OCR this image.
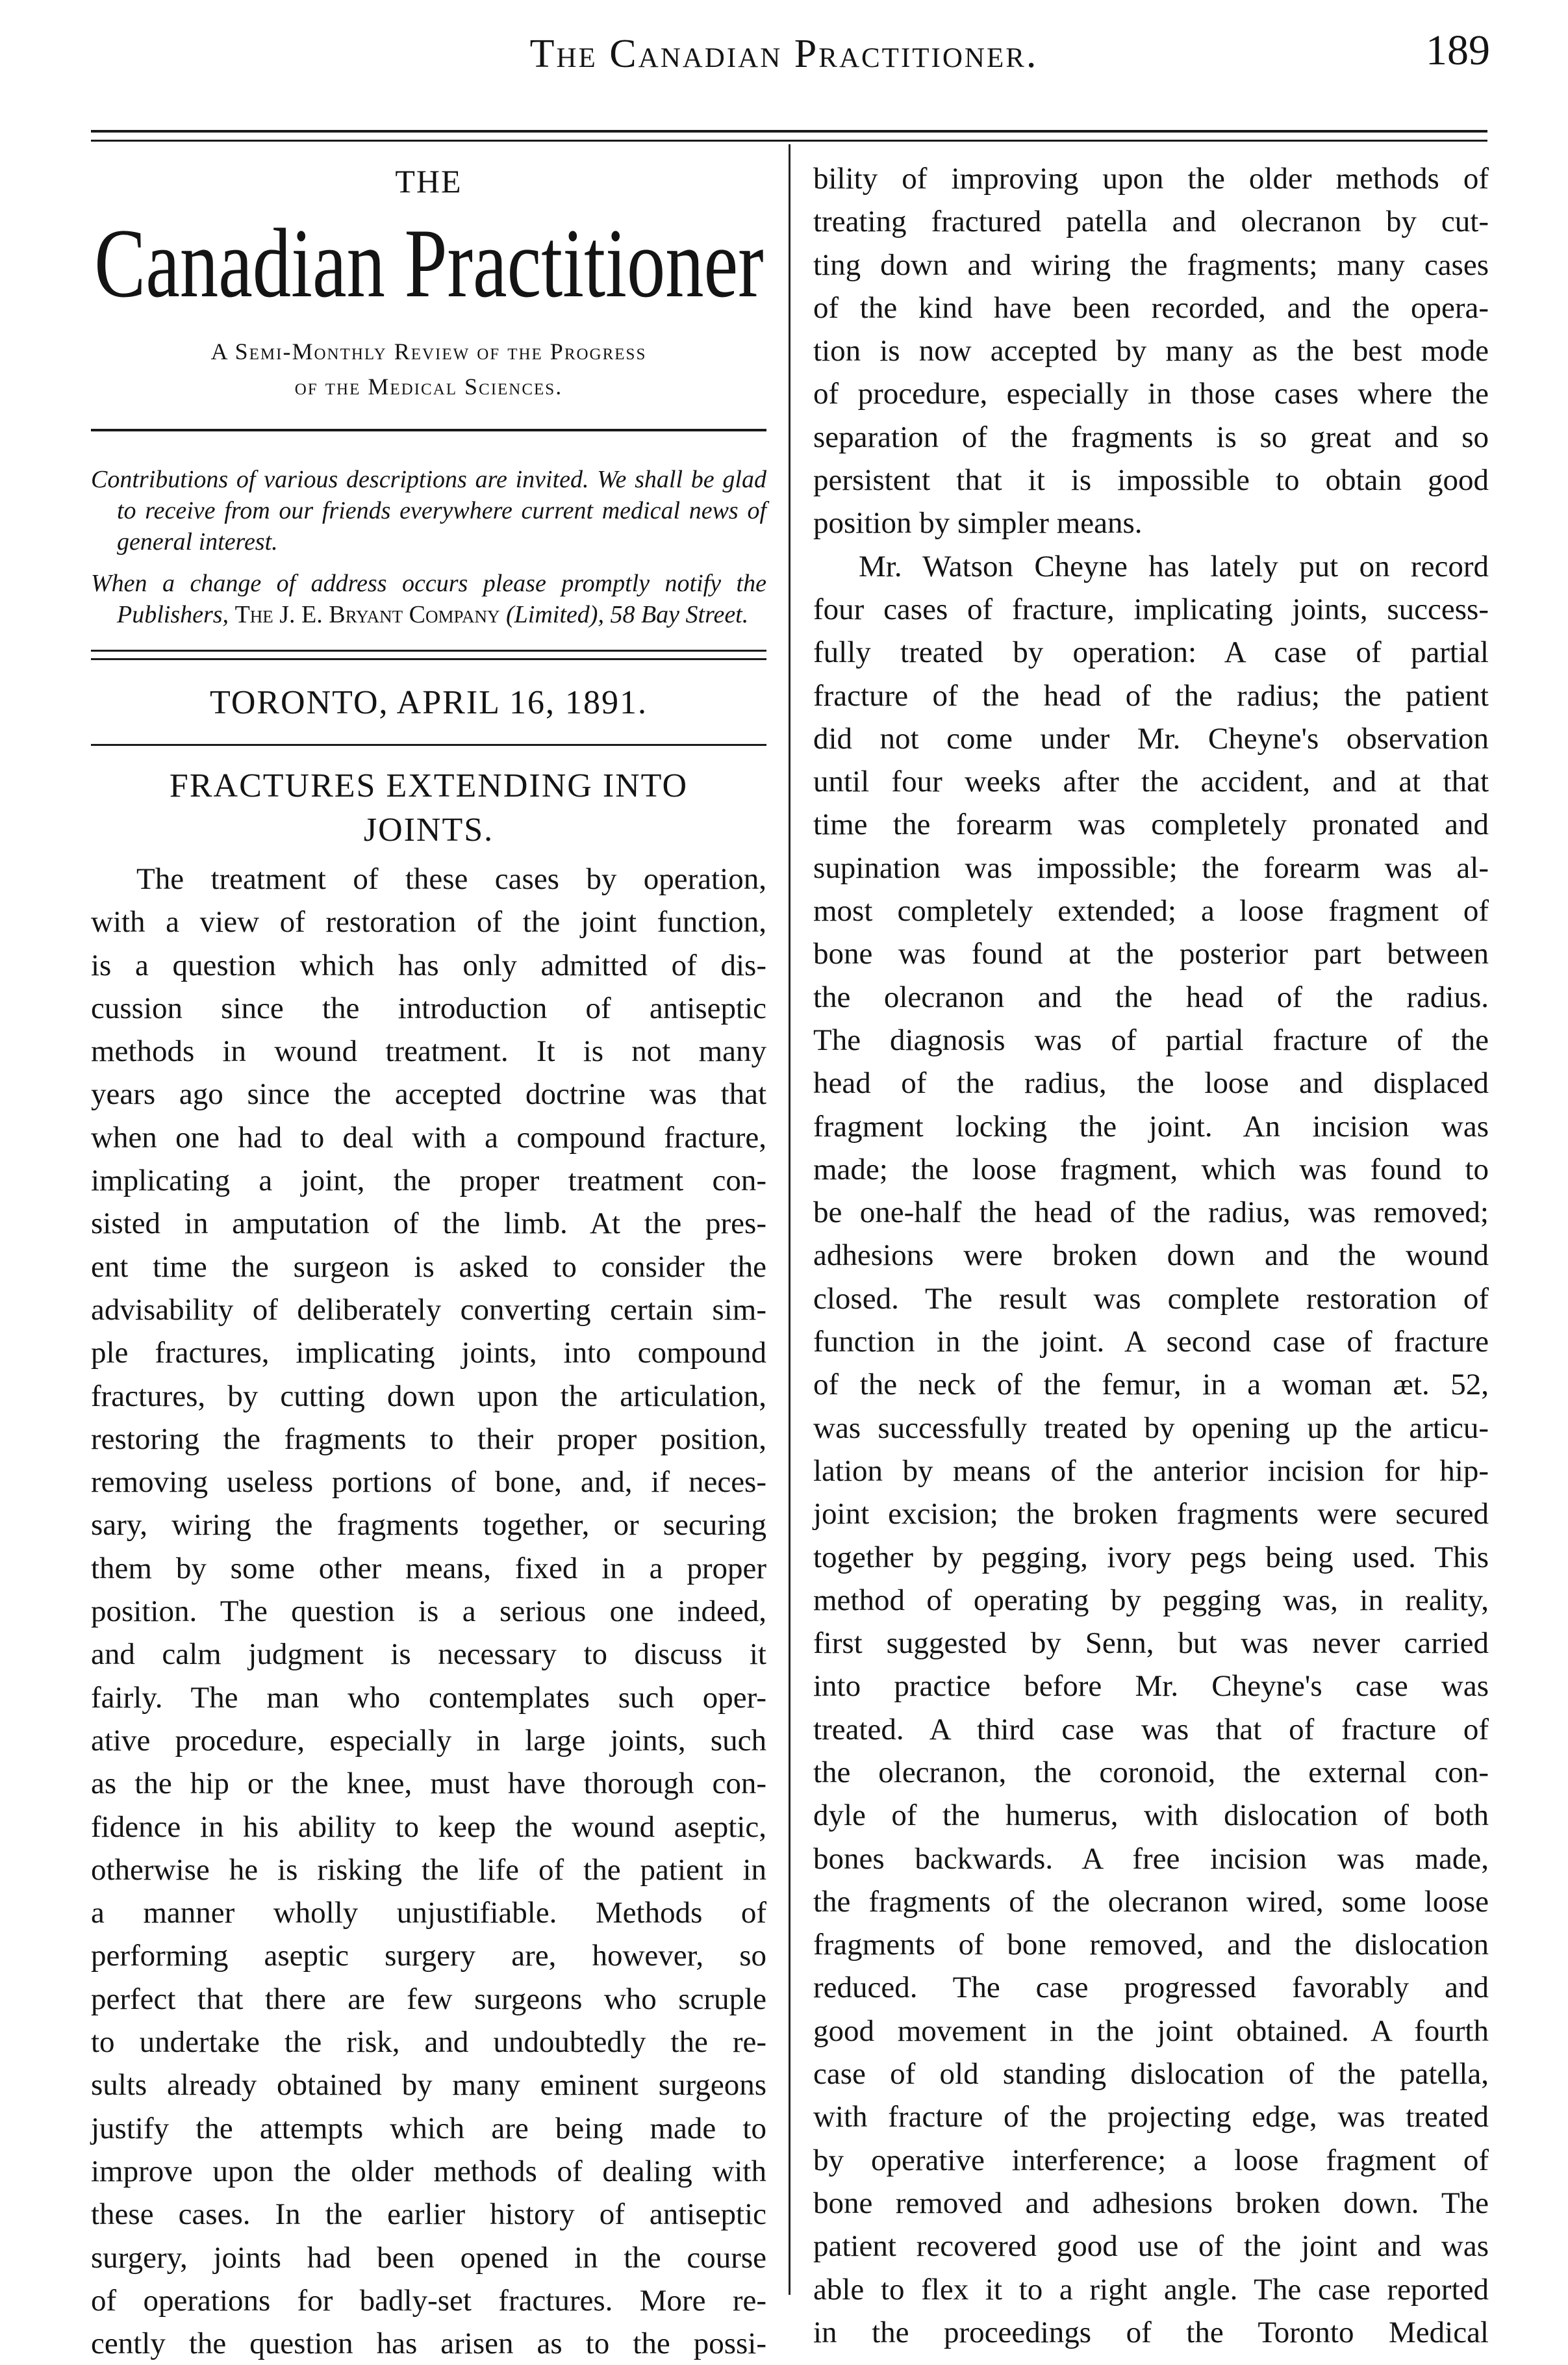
The Canadian Practitioner.	189
THE
Canadian Practitioner
A Semi-Monthly Review of the Progress
of the Medical Sciences.
Contributions of various descriptions are invited. We shall be glad to receive from our friends everywhere current medical news of general interest.
When a change of address occurs please promptly notify the Publishers, The J. E. Bryant Company (Limited), 58 Bay Street.
TORONTO, APRIL 16, 1891.
FRACTURES EXTENDING INTO
JOINTS.
The treatment of these cases by operation,
with a view of restoration of the joint function,
is a question which has only admitted of dis-
cussion since the introduction of antiseptic
methods in wound treatment. It is not many
years ago since the accepted doctrine was that
when one had to deal with a compound fracture,
implicating a joint, the proper treatment con-
sisted in amputation of the limb. At the pres-
ent time the surgeon is asked to consider the
advisability of deliberately converting certain sim-
ple fractures, implicating joints, into compound
fractures, by cutting down upon the articulation,
restoring the fragments to their proper position,
removing useless portions of bone, and, if neces-
sary, wiring the fragments together, or securing
them by some other means, fixed in a proper
position. The question is a serious one indeed,
and calm judgment is necessary to discuss it
fairly. The man who contemplates such oper-
ative procedure, especially in large joints, such
as the hip or the knee, must have thorough con-
fidence in his ability to keep the wound aseptic,
otherwise he is risking the life of the patient in
a manner wholly unjustifiable. Methods of
performing aseptic surgery are, however, so
perfect that there are few surgeons who scruple
to undertake the risk, and undoubtedly the re-
sults already obtained by many eminent surgeons
justify the attempts which are being made to
improve upon the older methods of dealing with
these cases. In the earlier history of antiseptic
surgery, joints had been opened in the course
of operations for badly-set fractures. More re-
cently the question has arisen as to the possi-
bility of improving upon the older methods of
treating fractured patella and olecranon by cut-
ting down and wiring the fragments; many cases
of the kind have been recorded, and the opera-
tion is now accepted by many as the best mode
of procedure, especially in those cases where the
separation of the fragments is so great and so
persistent that it is impossible to obtain good
position by simpler means.
Mr. Watson Cheyne has lately put on record
four cases of fracture, implicating joints, success-
fully treated by operation: A case of partial
fracture of the head of the radius; the patient
did not come under Mr. Cheyne's observation
until four weeks after the accident, and at that
time the forearm was completely pronated and
supination was impossible; the forearm was al-
most completely extended; a loose fragment of
bone was found at the posterior part between
the olecranon and the head of the radius.
The diagnosis was of partial fracture of the
head of the radius, the loose and displaced
fragment locking the joint. An incision was
made; the loose fragment, which was found to
be one-half the head of the radius, was removed;
adhesions were broken down and the wound
closed. The result was complete restoration of
function in the joint. A second case of fracture
of the neck of the femur, in a woman æt. 52,
was successfully treated by opening up the articu-
lation by means of the anterior incision for hip-
joint excision; the broken fragments were secured
together by pegging, ivory pegs being used. This
method of operating by pegging was, in reality,
first suggested by Senn, but was never carried
into practice before Mr. Cheyne's case was
treated. A third case was that of fracture of
the olecranon, the coronoid, the external con-
dyle of the humerus, with dislocation of both
bones backwards. A free incision was made,
the fragments of the olecranon wired, some loose
fragments of bone removed, and the dislocation
reduced. The case progressed favorably and
good movement in the joint obtained. A fourth
case of old standing dislocation of the patella,
with fracture of the projecting edge, was treated
by operative interference; a loose fragment of
bone removed and adhesions broken down. The
patient recovered good use of the joint and was
able to flex it to a right angle. The case reported
in the proceedings of the Toronto Medical
